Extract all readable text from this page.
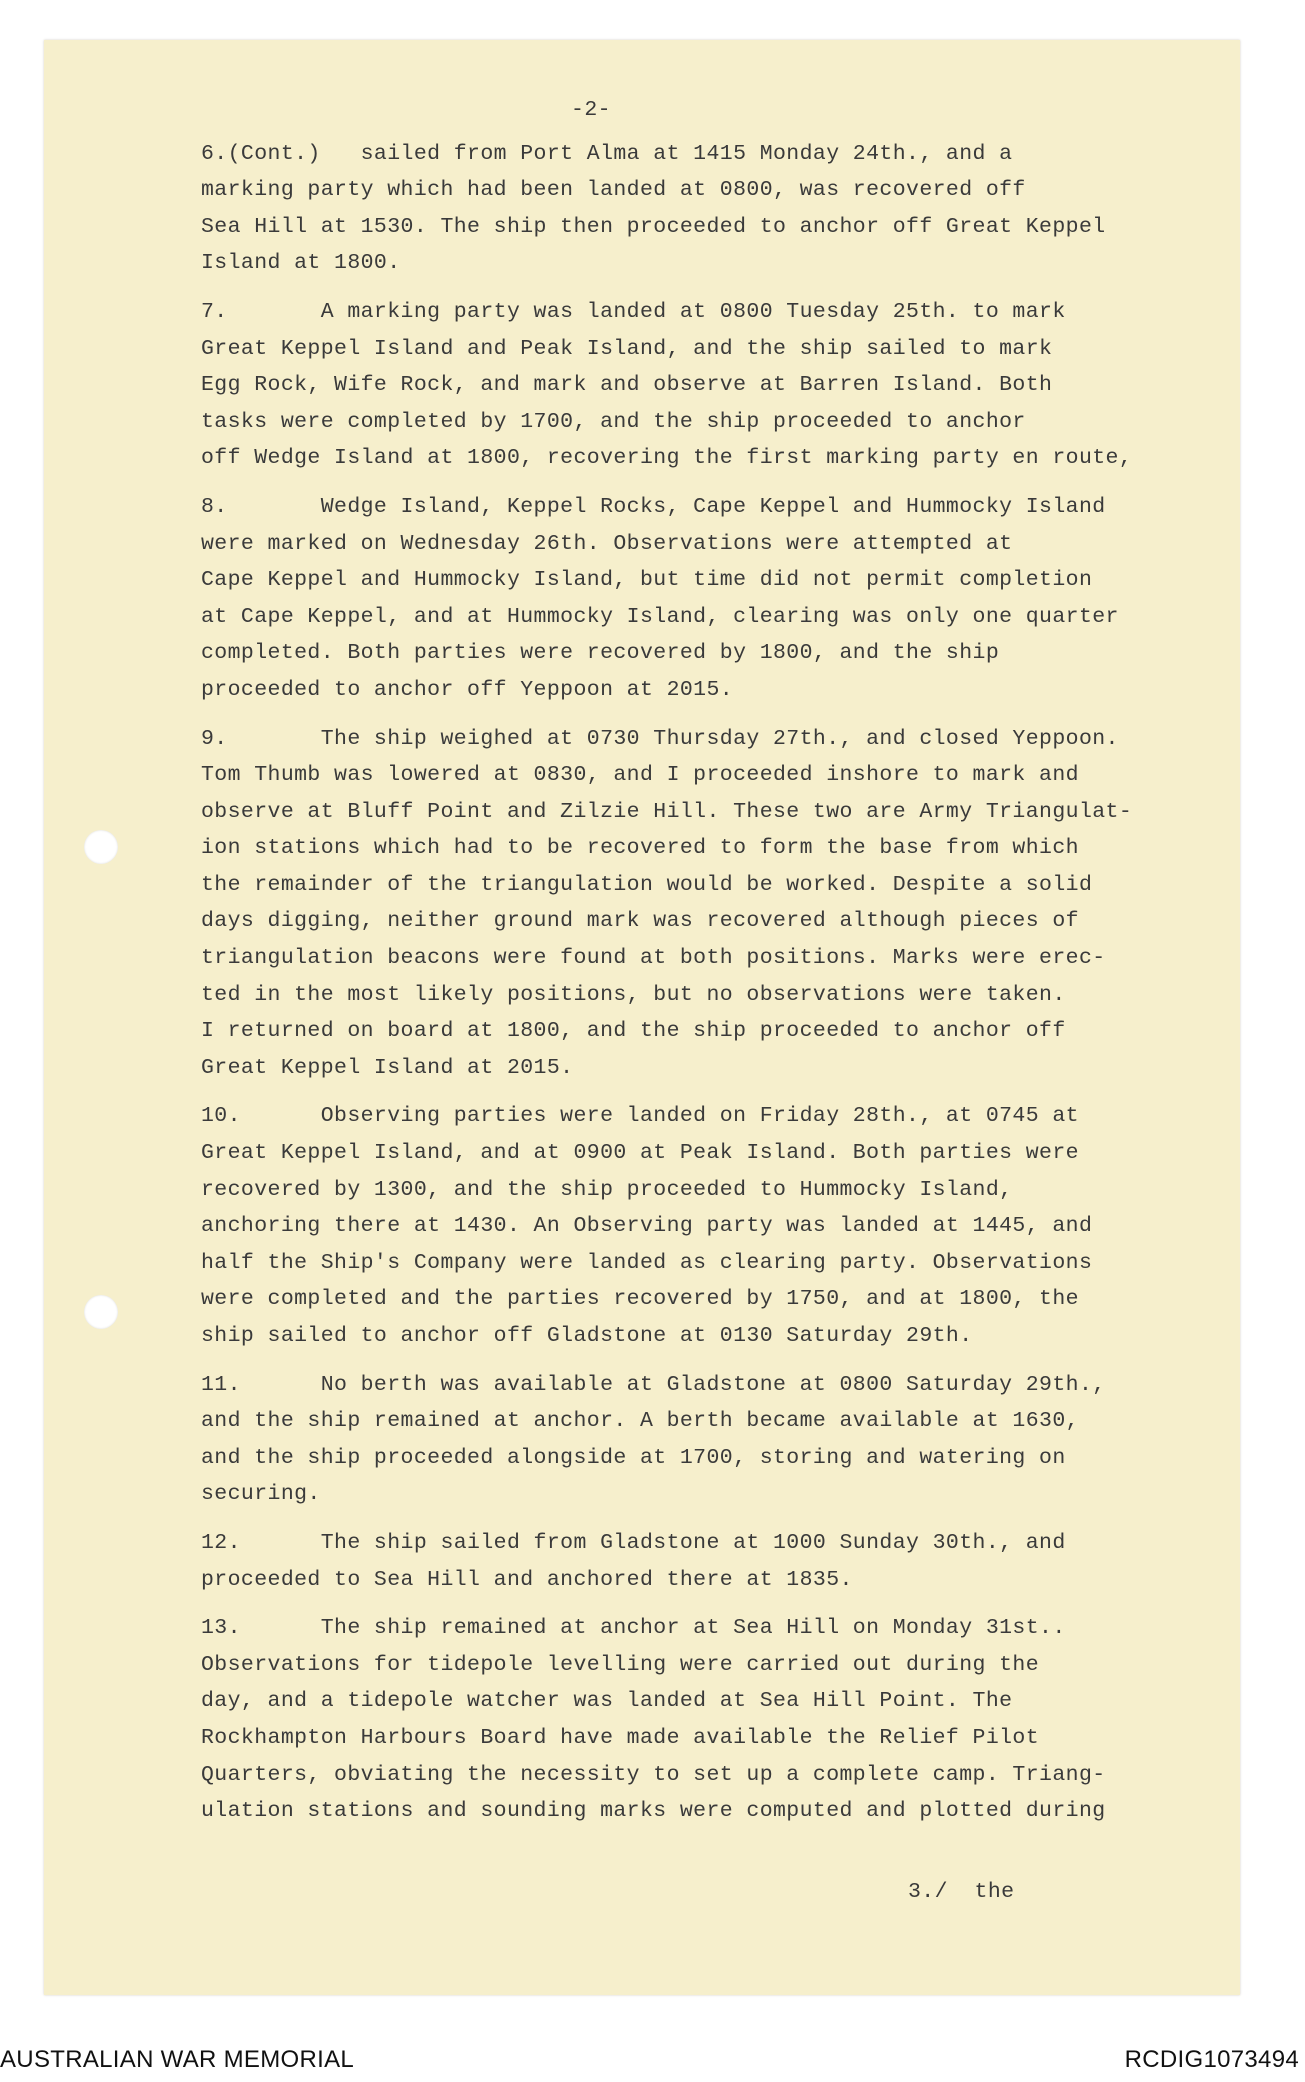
-2-
6.(Cont.)   sailed from Port Alma at 1415 Monday 24th., and a
marking party which had been landed at 0800, was recovered off
Sea Hill at 1530. The ship then proceeded to anchor off Great Keppel
Island at 1800.
7.       A marking party was landed at 0800 Tuesday 25th. to mark
Great Keppel Island and Peak Island, and the ship sailed to mark
Egg Rock, Wife Rock, and mark and observe at Barren Island. Both
tasks were completed by 1700, and the ship proceeded to anchor
off Wedge Island at 1800, recovering the first marking party en route,
8.       Wedge Island, Keppel Rocks, Cape Keppel and Hummocky Island
were marked on Wednesday 26th. Observations were attempted at
Cape Keppel and Hummocky Island, but time did not permit completion
at Cape Keppel, and at Hummocky Island, clearing was only one quarter
completed. Both parties were recovered by 1800, and the ship
proceeded to anchor off Yeppoon at 2015.
9.       The ship weighed at 0730 Thursday 27th., and closed Yeppoon.
Tom Thumb was lowered at 0830, and I proceeded inshore to mark and
observe at Bluff Point and Zilzie Hill. These two are Army Triangulat-
ion stations which had to be recovered to form the base from which
the remainder of the triangulation would be worked. Despite a solid
days digging, neither ground mark was recovered although pieces of
triangulation beacons were found at both positions. Marks were erec-
ted in the most likely positions, but no observations were taken.
I returned on board at 1800, and the ship proceeded to anchor off
Great Keppel Island at 2015.
10.      Observing parties were landed on Friday 28th., at 0745 at
Great Keppel Island, and at 0900 at Peak Island. Both parties were
recovered by 1300, and the ship proceeded to Hummocky Island,
anchoring there at 1430. An Observing party was landed at 1445, and
half the Ship's Company were landed as clearing party. Observations
were completed and the parties recovered by 1750, and at 1800, the
ship sailed to anchor off Gladstone at 0130 Saturday 29th.
11.      No berth was available at Gladstone at 0800 Saturday 29th.,
and the ship remained at anchor. A berth became available at 1630,
and the ship proceeded alongside at 1700, storing and watering on
securing.
12.      The ship sailed from Gladstone at 1000 Sunday 30th., and
proceeded to Sea Hill and anchored there at 1835.
13.      The ship remained at anchor at Sea Hill on Monday 31st..
Observations for tidepole levelling were carried out during the
day, and a tidepole watcher was landed at Sea Hill Point. The
Rockhampton Harbours Board have made available the Relief Pilot
Quarters, obviating the necessity to set up a complete camp. Triang-
ulation stations and sounding marks were computed and plotted during
3./  the
AUSTRALIAN WAR MEMORIAL	RCDIG1073494
